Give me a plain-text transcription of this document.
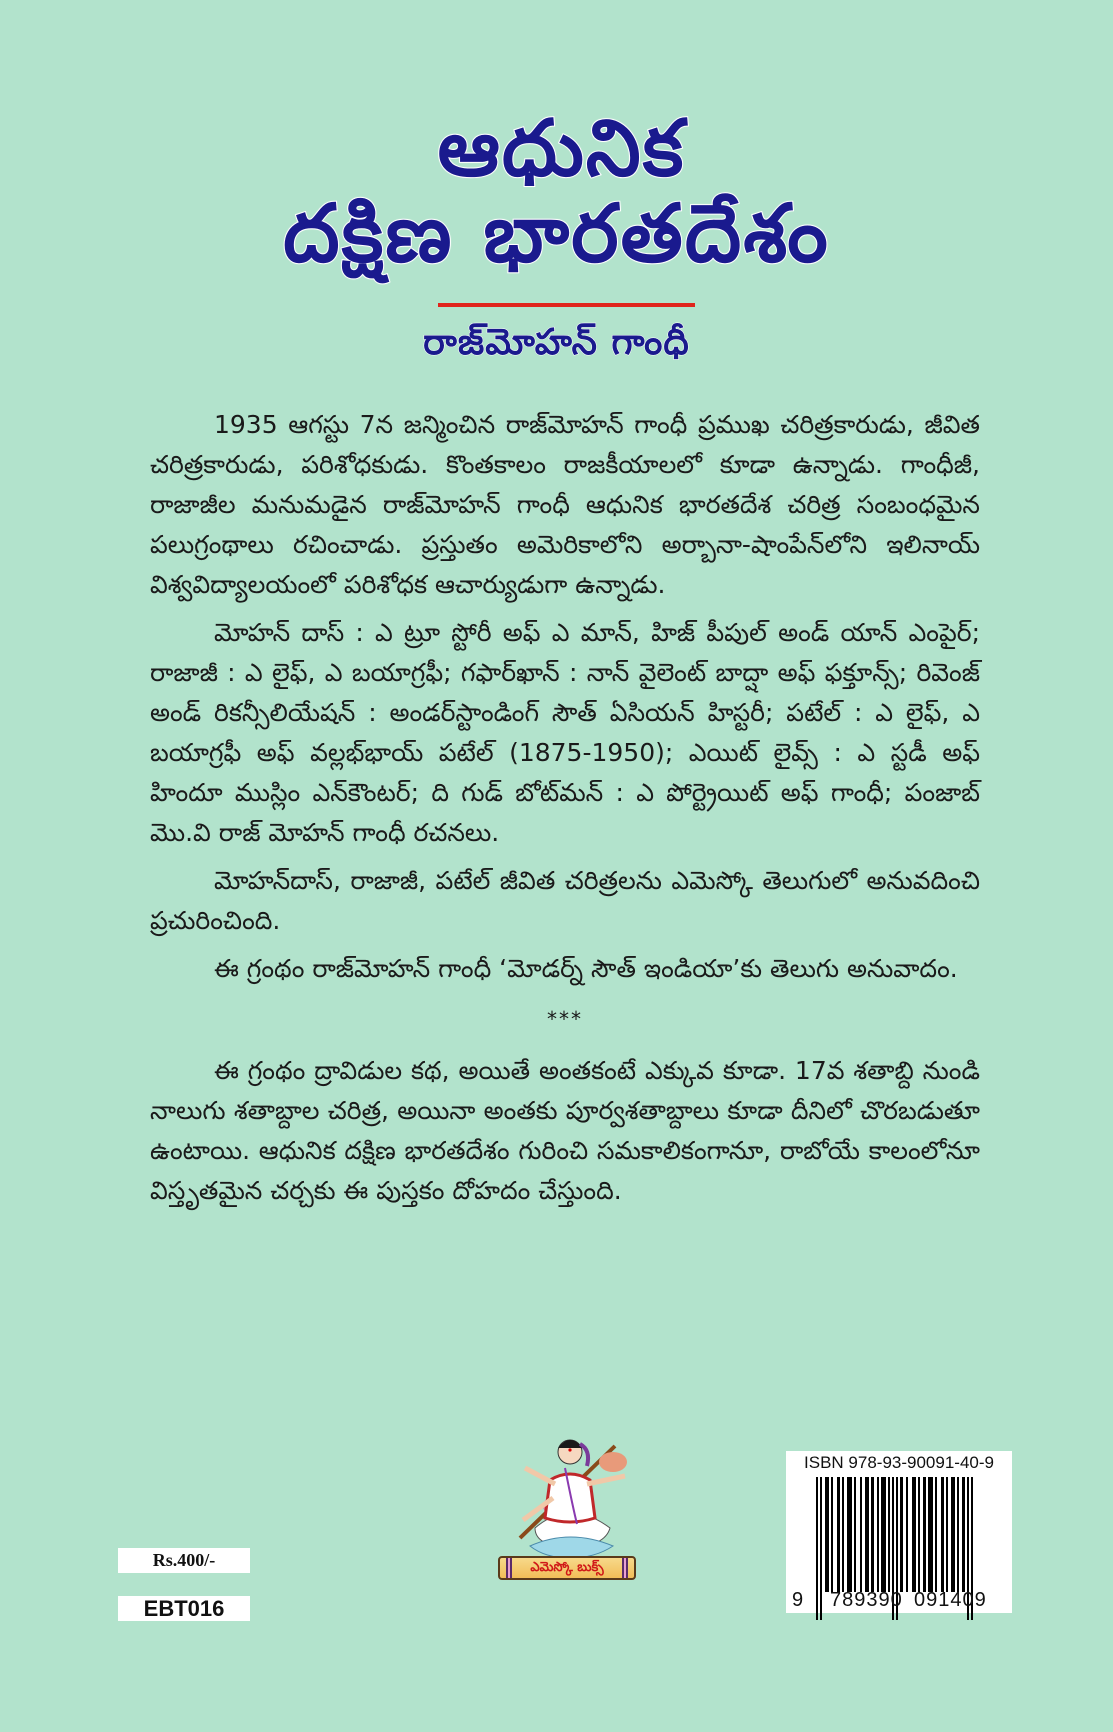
ఆధునిక
దక్షిణ భారతదేశం
రాజ్‌మోహన్ గాంధీ

1935 ఆగస్టు 7న జన్మించిన రాజ్‌మోహన్ గాంధీ ప్రముఖ చరిత్రకారుడు, జీవిత చరిత్రకారుడు, పరిశోధకుడు. కొంతకాలం రాజకీయాలలో కూడా ఉన్నాడు. గాంధీజీ, రాజాజీల మనుమడైన రాజ్‌మోహన్ గాంధీ ఆధునిక భారతదేశ చరిత్ర సంబంధమైన పలుగ్రంథాలు రచించాడు. ప్రస్తుతం అమెరికాలోని అర్బానా-షాంపేన్‌లోని ఇలినాయ్ విశ్వవిద్యాలయంలో పరిశోధక ఆచార్యుడుగా ఉన్నాడు.

మోహన్ దాస్ : ఎ ట్రూ స్టోరీ అఫ్ ఎ మాన్, హిజ్ పీపుల్ అండ్ యాన్ ఎంపైర్; రాజాజీ : ఎ లైఫ్, ఎ బయాగ్రఫీ; గఫార్‌ఖాన్ : నాన్ వైలెంట్ బాద్షా అఫ్ ఫక్తూన్స్; రివెంజ్ అండ్ రికన్సీలియేషన్ : అండర్‌స్టాండింగ్ సౌత్ ఏసియన్ హిస్టరీ; పటేల్ : ఎ లైఫ్, ఎ బయాగ్రఫీ అఫ్ వల్లభ్‌భాయ్ పటేల్ (1875-1950); ఎయిట్ లైవ్స్ : ఎ స్టడీ అఫ్ హిందూ ముస్లిం ఎన్‌కౌంటర్; ది గుడ్ బోట్‌మన్ : ఎ పోర్ట్రెయిట్ అఫ్ గాంధీ; పంజాబ్ మొ.వి రాజ్ మోహన్ గాంధీ రచనలు.

మోహన్‌దాస్, రాజాజీ, పటేల్ జీవిత చరిత్రలను ఎమెస్కో తెలుగులో అనువదించి ప్రచురించింది.

ఈ గ్రంథం రాజ్‌మోహన్ గాంధీ ‘మోడర్న్ సౌత్ ఇండియా’కు తెలుగు అనువాదం.

***

ఈ గ్రంథం ద్రావిడుల కథ, అయితే అంతకంటే ఎక్కువ కూడా. 17వ శతాబ్ది నుండి నాలుగు శతాబ్దాల చరిత్ర, అయినా అంతకు పూర్వశతాబ్దాలు కూడా దీనిలో చొరబడుతూ ఉంటాయి. ఆధునిక దక్షిణ భారతదేశం గురించి సమకాలికంగానూ, రాబోయే కాలంలోనూ విస్తృతమైన చర్చకు ఈ పుస్తకం దోహదం చేస్తుంది.

Rs.400/-
EBT016
ఎమెస్కో బుక్స్
ISBN 978-93-90091-40-9
9 789390 091409
